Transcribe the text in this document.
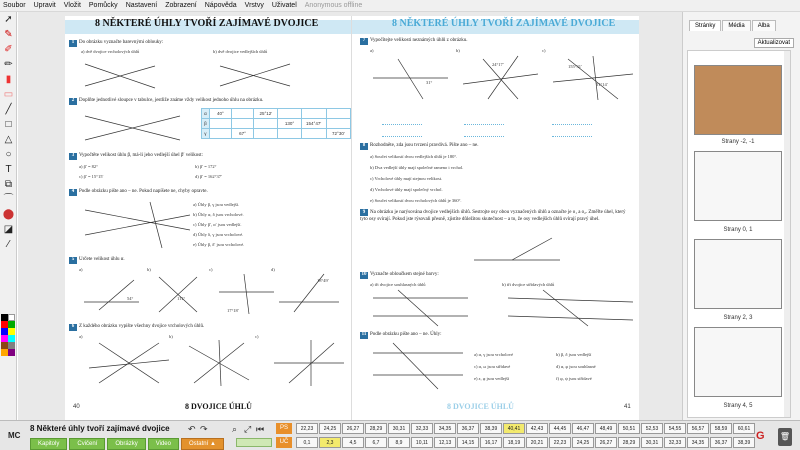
Soubor Upravit Vložit Pomůcky Nastavení Zobrazení Nápověda Vrstvy Uživatel Anonymous offline
➚
✎
✐
✏
▮
▭
╱
□
△
○
T
⧉
⌒
⬤
◪
⁄
8 NĚKTERÉ ÚHLY TVOŘÍ ZAJÍMAVÉ DVOJICE
1 Do obrázku vyznačte barevnými oblouky:
a) dvě dvojice vrcholových úhlů	b) dvě dvojice vedlejších úhlů
2 Doplňte jednotlivé sloupce v tabulce, jestliže známe vždy velikost jednoho úhlu na obrázku.
α	40°		25°12′			
β				130°	154°47′	
γ		67°				72°30′
3 Vypočtěte velikost úhlu β, má-li jeho vedlejší úhel β′ velikost:
a) β′ = 82°	b) β′ = 172°
c) β′ = 15°15′	d) β′ = 162°37′
4 Podle obrázku pište ano – ne. Pokud napíšete ne, chyby opravte.
a) Úhly β, γ jsou vedlejší.
b) Úhly α, δ jsou vrcholové.
c) Úhly β′, α′ jsou vedlejší.
d) Úhly δ, γ jsou vrcholové.
e) Úhly β, δ′ jsou vrcholové.
5 Určete velikost úhlu α.
a)	b)	c)	d)
54°	111°
17°18′
18°49′
6 Z každého obrázku vypište všechny dvojice vrcholových úhlů.
a)	b)	c)
40	8 DVOJICE ÚHLŮ
8 NĚKTERÉ ÚHLY TVOŘÍ ZAJÍMAVÉ DVOJICE
7 Vypočítejte velikosti neznámých úhlů z obrázku.
a)	b)	c)
31°
24°17′	155°31′
51°14′
8 Rozhodněte, zda jsou tvrzení pravdivá. Pište ano – ne.
a) Součet velikostí dvou vedlejších úhlů je 180°.
b) Dva vedlejší úhly mají společné rameno i vrchol.
c) Vrcholové úhly mají stejnou velikost.
d) Vrcholové úhly mají společný vrchol.
e) Součet velikostí dvou vrcholových úhlů je 360°.
9 Na obrázku je narýsována dvojice vedlejších úhlů. Sestrojte osy obou vyznačených úhlů a označte je o₁ a o₂. Změřte úhel, který tyto osy svírají. Pokud jste rýsovali přesně, zjistíte důležitou skutečnost – a to, že osy vedlejších úhlů svírají pravý úhel.
10 Vyznačte obloučkem stejné barvy:
a) tři dvojice souhlasných úhlů	b) tři dvojice střídavých úhlů
11 Podle obrázku pište ano – ne. Úhly:
a) α, γ jsou vrcholové	b) β, δ jsou vedlejší
c) α, ω jsou střídavé	d) α, φ jsou souhlasné
e) ε, φ jsou vedlejší	f) φ, ψ jsou střídavé
8 DVOJICE ÚHLŮ	41
Stránky	Média	Alba
Aktualizovat
Strany -2, -1
Strany 0, 1
Strany 2, 3
Strany 4, 5
MC
8 Některé úhly tvoří zajímavé dvojice
Kapitoly	Cvičení	Obrázky	Video	Ostatní ▲
↶ ↷	⌕ ⤢ ⏮	PS
UČ
22,23	24,25	26,27	28,29	30,31	32,33	34,35	36,37	38,39	40,41	42,43	44,45	46,47	48,49	50,51	52,53	54,55	56,57	58,59	60,61
0,1	2,3	4,5	6,7	8,9	10,11	12,13	14,15	16,17	18,19	20,21	22,23	24,25	26,27	28,29	30,31	32,33	34,35	36,37	38,39
G	🗑
